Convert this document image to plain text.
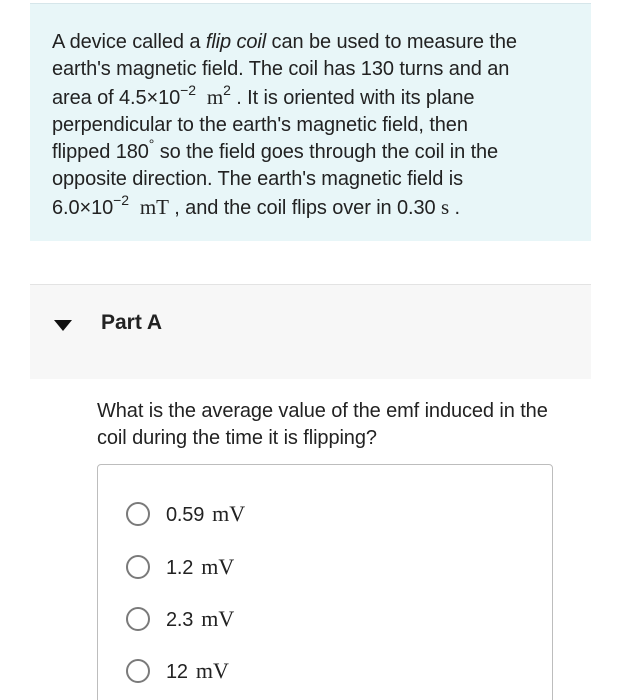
A device called a flip coil can be used to measure the
earth's magnetic field. The coil has 130 turns and an
area of $4.5\times 10^{-2}$ $m^2$ . It is oriented with its plane
perpendicular to the earth's magnetic field, then
flipped 180° so the field goes through the coil in the
opposite direction. The earth's magnetic field is
$6.0\times 10^{-2}$ mT , and the coil flips over in 0.30 s .
Part A
What is the average value of the emf induced in the
coil during the time it is flipping?
0.59 mV
1.2 mV
2.3 mV
12 mV
